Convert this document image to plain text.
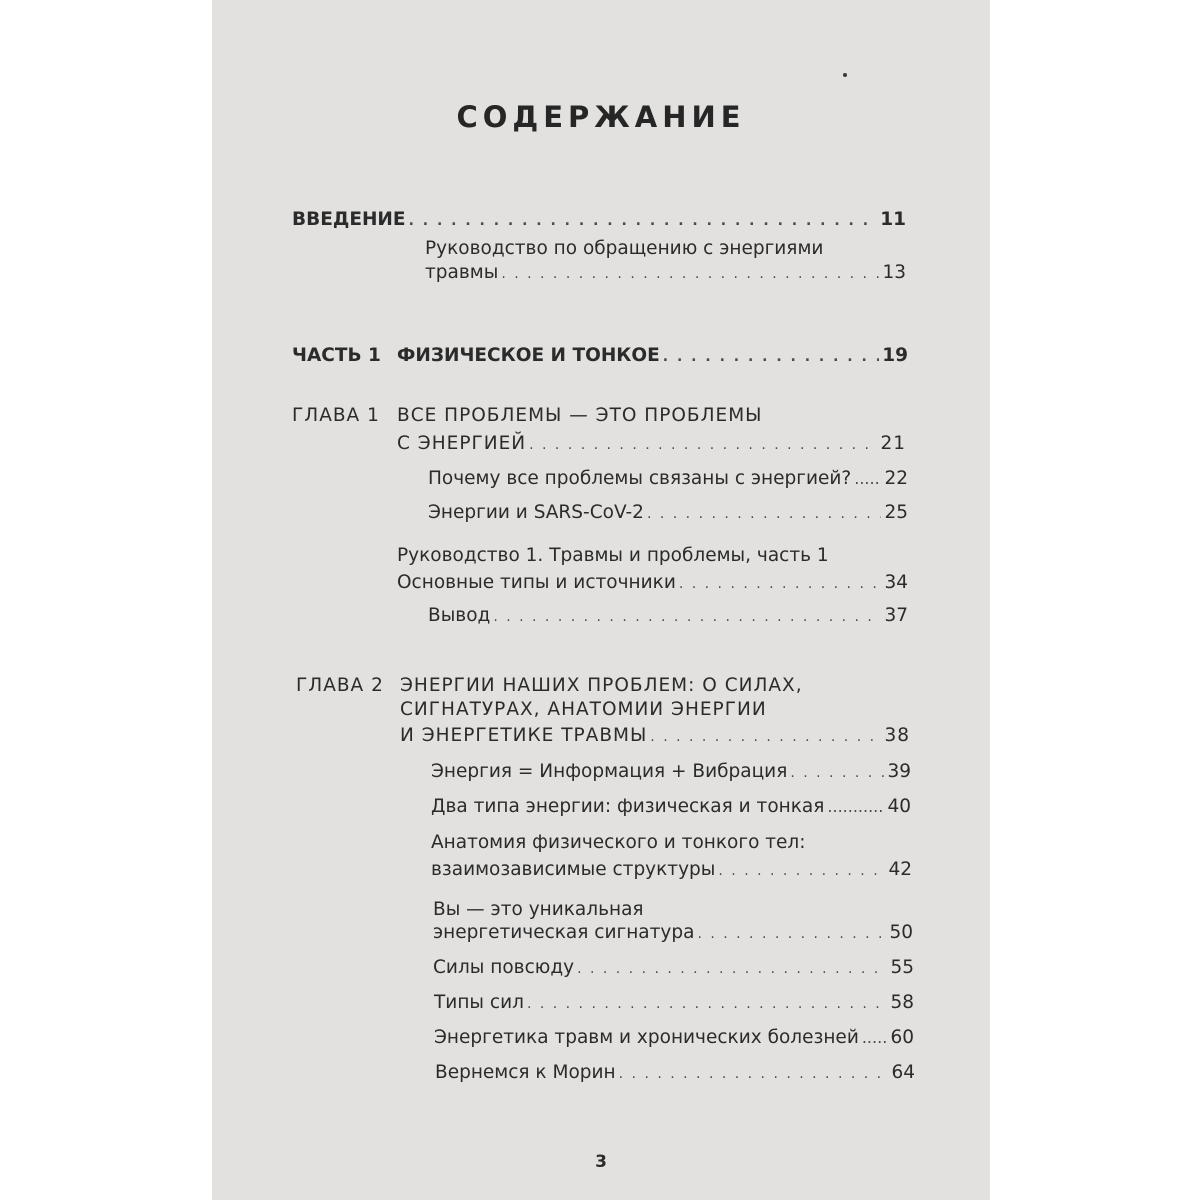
СОДЕРЖАНИЕ
ВВЕДЕНИЕ . . .	11
Руководство по обращению с энергиями
травмы . . .	13
ЧАСТЬ 1 ФИЗИЧЕСКОЕ И ТОНКОЕ . . .	19
ГЛАВА 1 ВСЕ ПРОБЛЕМЫ — ЭТО ПРОБЛЕМЫ
С ЭНЕРГИЕЙ . . .	21
Почему все проблемы связаны с энергией? ..... 22
Энергии и SARS-CoV-2 . . .	25
Руководство 1. Травмы и проблемы, часть 1
Основные типы и источники . . .	34
Вывод . . .	37
ГЛАВА 2 ЭНЕРГИИ НАШИХ ПРОБЛЕМ: О СИЛАХ,
СИГНАТУРАХ, АНАТОМИИ ЭНЕРГИИ
И ЭНЕРГЕТИКЕ ТРАВМЫ . . .	38
Энергия = Информация + Вибрация . . .	39
Два типа энергии: физическая и тонкая .....	40
Анатомия физического и тонкого тел:
взаимозависимые структуры . . .	42
Вы — это уникальная
энергетическая сигнатура . . .	50
Силы повсюду . . .	55
Типы сил . . .	58
Энергетика травм и хронических болезней ..... 60
Вернемся к Морин . . .	64
3
